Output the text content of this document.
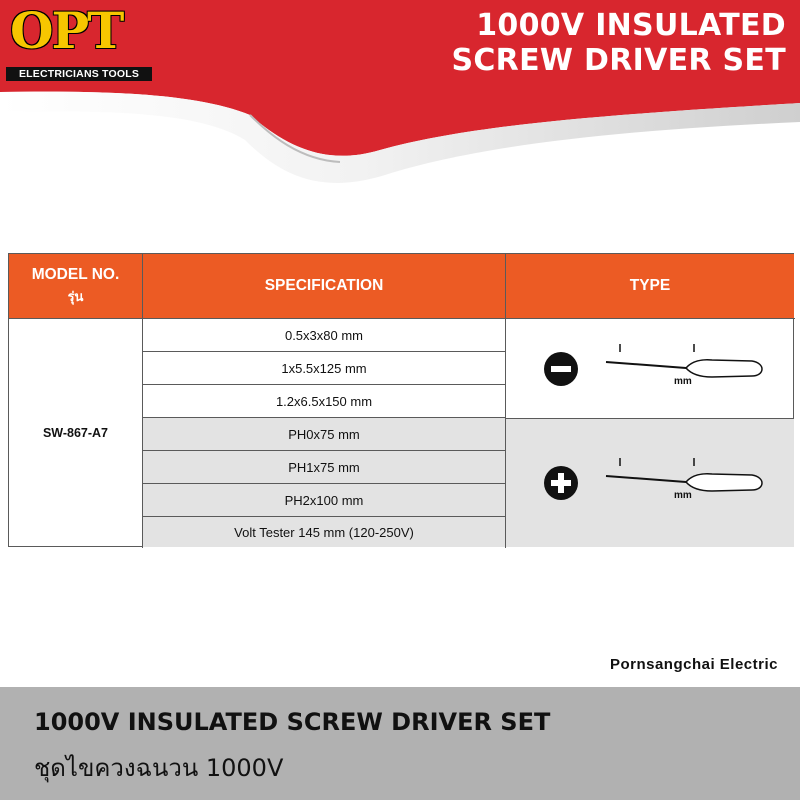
OPT
ELECTRICIANS TOOLS
1000V INSULATED
SCREW DRIVER SET
MODEL NO.
รุ่น
SPECIFICATION	TYPE
SW-867-A7
0.5x3x80 mm
1x5.5x125 mm
1.2x6.5x150 mm
PH0x75 mm
PH1x75 mm
PH2x100 mm
Volt Tester 145 mm (120-250V)
mm
mm
Pornsangchai Electric
1000V INSULATED SCREW DRIVER SET
ชุดไขควงฉนวน 1000V
